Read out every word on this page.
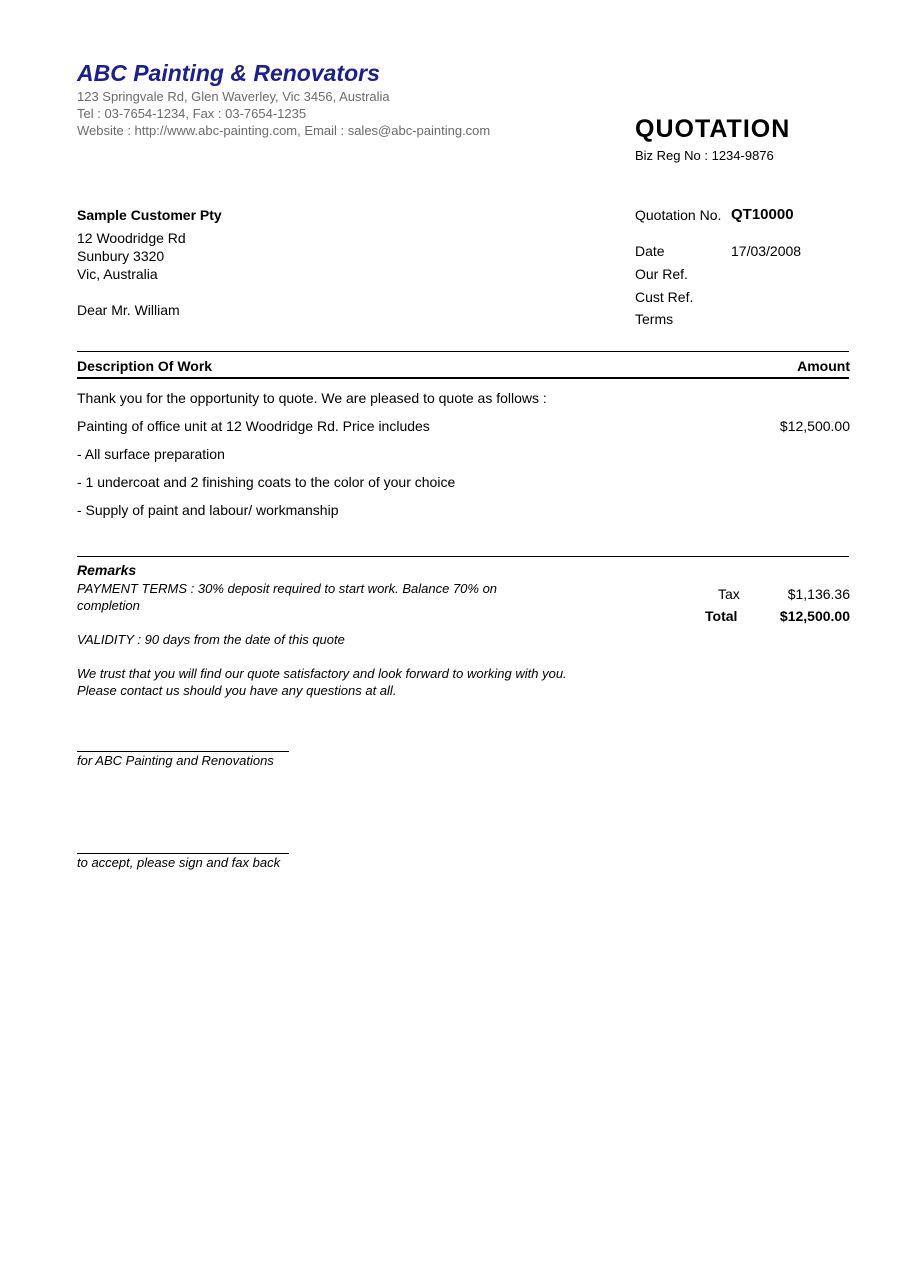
ABC Painting & Renovators
123 Springvale Rd, Glen Waverley, Vic 3456, Australia
Tel : 03-7654-1234, Fax : 03-7654-1235
Website : http://www.abc-painting.com, Email : sales@abc-painting.com	QUOTATION
Biz Reg No : 1234-9876
Sample Customer Pty
12 Woodridge Rd
Sunbury 3320
Vic, Australia
Dear Mr. William
Quotation No. QT10000
Date	17/03/2008
Our Ref.
Cust Ref.
Terms
Description Of Work	Amount
Thank you for the opportunity to quote. We are pleased to quote as follows :
Painting of office unit at 12 Woodridge Rd. Price includes	$12,500.00
- All surface preparation
- 1 undercoat and 2 finishing coats to the color of your choice
- Supply of paint and labour/ workmanship
Remarks
PAYMENT TERMS : 30% deposit required to start work. Balance 70% on completion
VALIDITY : 90 days from the date of this quote
We trust that you will find our quote satisfactory and look forward to working with you. Please contact us should you have any questions at all.
Tax	$1,136.36
Total	$12,500.00
for ABC Painting and Renovations
to accept, please sign and fax back
